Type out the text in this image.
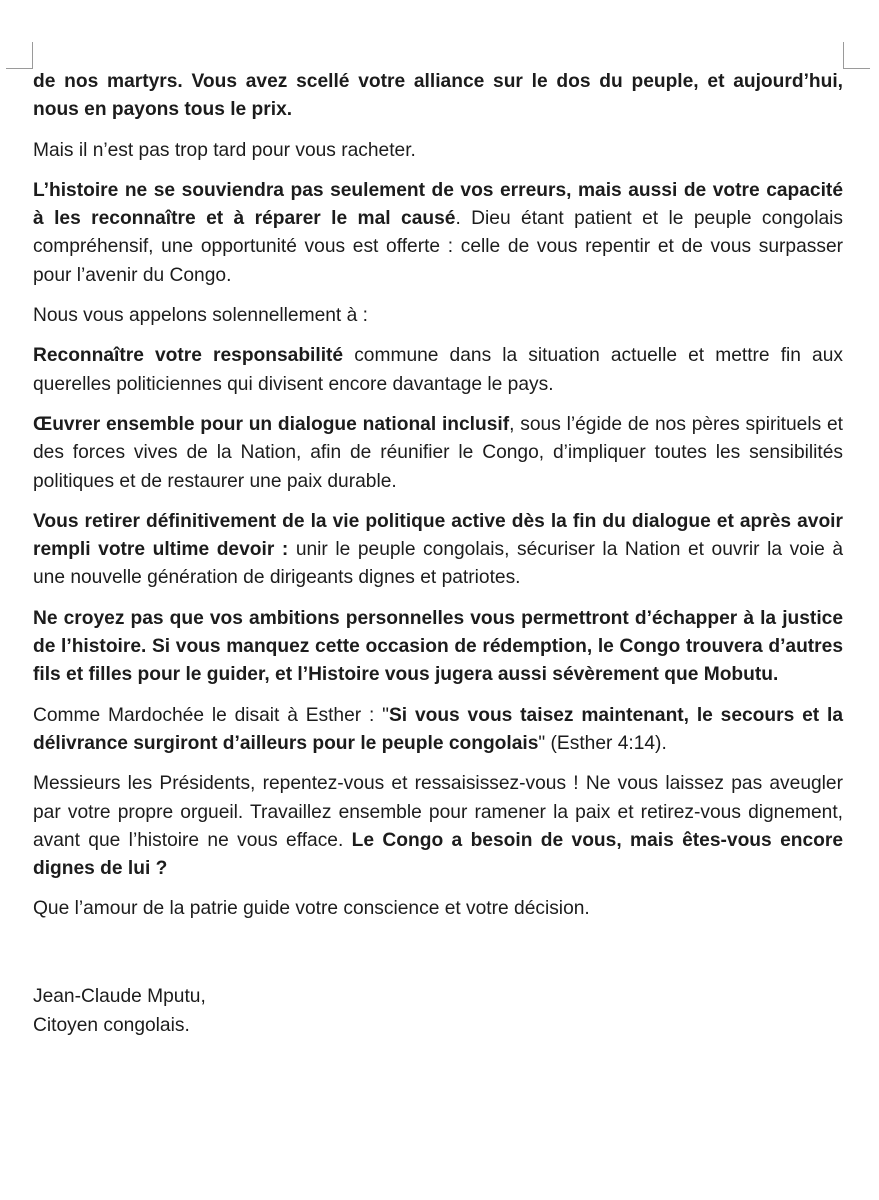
de nos martyrs. Vous avez scellé votre alliance sur le dos du peuple, et aujourd’hui, nous en payons tous le prix.

Mais il n’est pas trop tard pour vous racheter.

L’histoire ne se souviendra pas seulement de vos erreurs, mais aussi de votre capacité à les reconnaître et à réparer le mal causé. Dieu étant patient et le peuple congolais compréhensif, une opportunité vous est offerte : celle de vous repentir et de vous surpasser pour l’avenir du Congo.

Nous vous appelons solennellement à :

Reconnaître votre responsabilité commune dans la situation actuelle et mettre fin aux querelles politiciennes qui divisent encore davantage le pays.

Œuvrer ensemble pour un dialogue national inclusif, sous l’égide de nos pères spirituels et des forces vives de la Nation, afin de réunifier le Congo, d’impliquer toutes les sensibilités politiques et de restaurer une paix durable.

Vous retirer définitivement de la vie politique active dès la fin du dialogue et après avoir rempli votre ultime devoir : unir le peuple congolais, sécuriser la Nation et ouvrir la voie à une nouvelle génération de dirigeants dignes et patriotes.

Ne croyez pas que vos ambitions personnelles vous permettront d’échapper à la justice de l’histoire. Si vous manquez cette occasion de rédemption, le Congo trouvera d’autres fils et filles pour le guider, et l’Histoire vous jugera aussi sévèrement que Mobutu.

Comme Mardochée le disait à Esther : "Si vous vous taisez maintenant, le secours et la délivrance surgiront d’ailleurs pour le peuple congolais" (Esther 4:14).

Messieurs les Présidents, repentez-vous et ressaisissez-vous ! Ne vous laissez pas aveugler par votre propre orgueil. Travaillez ensemble pour ramener la paix et retirez-vous dignement, avant que l’histoire ne vous efface. Le Congo a besoin de vous, mais êtes-vous encore dignes de lui ?

Que l’amour de la patrie guide votre conscience et votre décision.

Jean-Claude Mputu,
Citoyen congolais.
